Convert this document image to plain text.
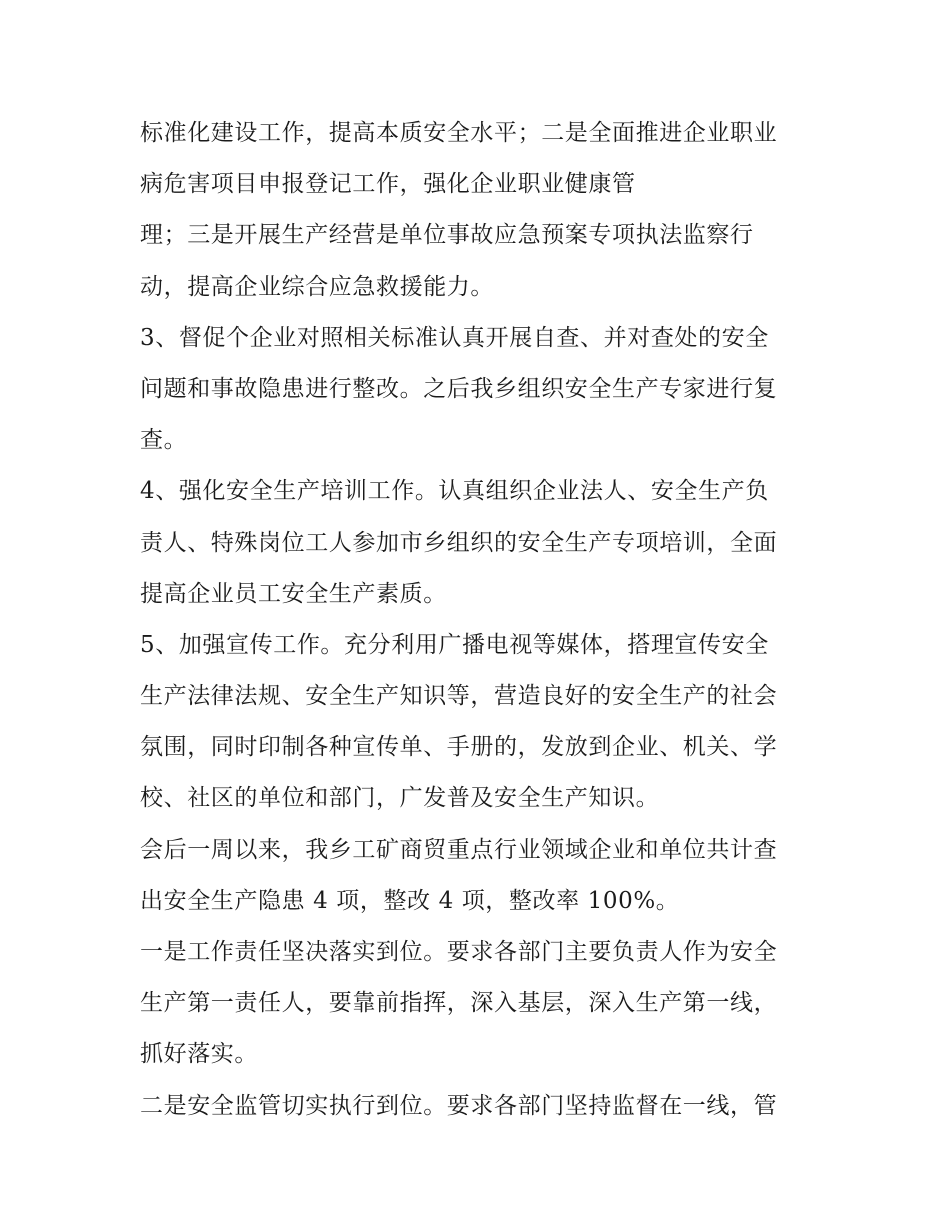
标准化建设工作，提高本质安全水平；二是全面推进企业职业
病危害项目申报登记工作，强化企业职业健康管
理；三是开展生产经营是单位事故应急预案专项执法监察行
动，提高企业综合应急救援能力。
3、督促个企业对照相关标准认真开展自查、并对查处的安全
问题和事故隐患进行整改。之后我乡组织安全生产专家进行复
查。
4、强化安全生产培训工作。认真组织企业法人、安全生产负
责人、特殊岗位工人参加市乡组织的安全生产专项培训，全面
提高企业员工安全生产素质。
5、加强宣传工作。充分利用广播电视等媒体，搭理宣传安全
生产法律法规、安全生产知识等，营造良好的安全生产的社会
氛围，同时印制各种宣传单、手册的，发放到企业、机关、学
校、社区的单位和部门，广发普及安全生产知识。
会后一周以来，我乡工矿商贸重点行业领域企业和单位共计查
出安全生产隐患 4 项，整改 4 项，整改率 100%。
一是工作责任坚决落实到位。要求各部门主要负责人作为安全
生产第一责任人，要靠前指挥，深入基层，深入生产第一线，
抓好落实。
二是安全监管切实执行到位。要求各部门坚持监督在一线，管
